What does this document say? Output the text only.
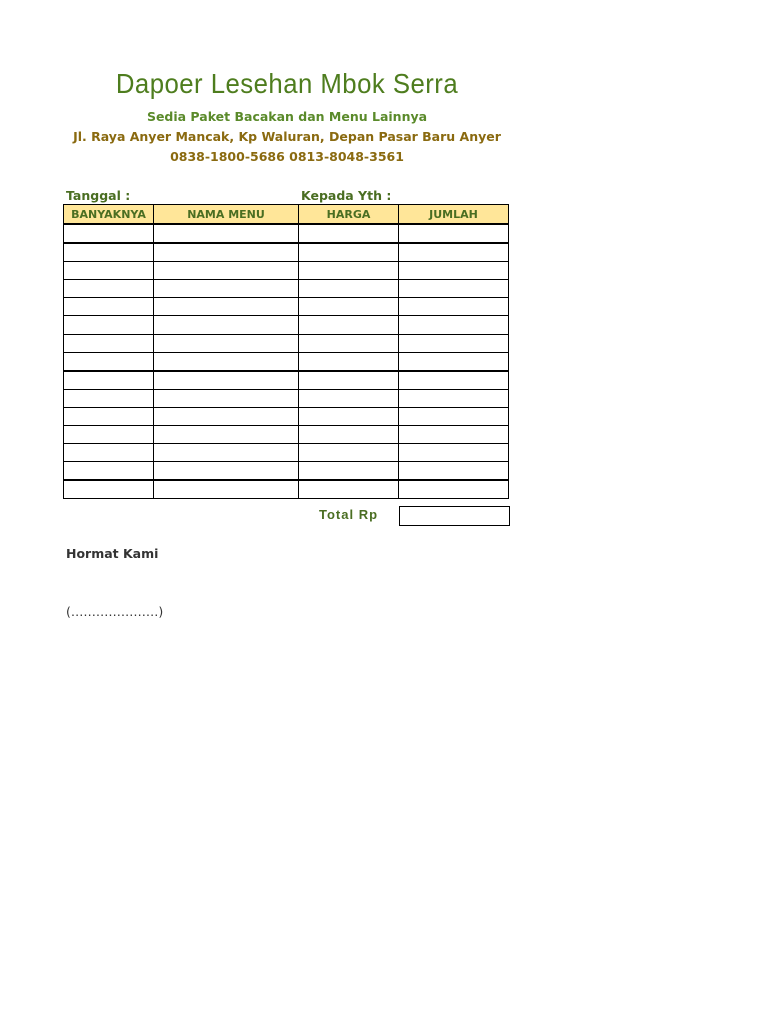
Dapoer Lesehan Mbok Serra
Sedia Paket Bacakan dan Menu Lainnya
Jl. Raya Anyer Mancak, Kp Waluran, Depan Pasar Baru Anyer
0838-1800-5686 0813-8048-3561
Tanggal :	Kepada Yth :
BANYAKNYA	NAMA MENU	HARGA	JUMLAH

Total Rp
Hormat Kami
(…………………)
